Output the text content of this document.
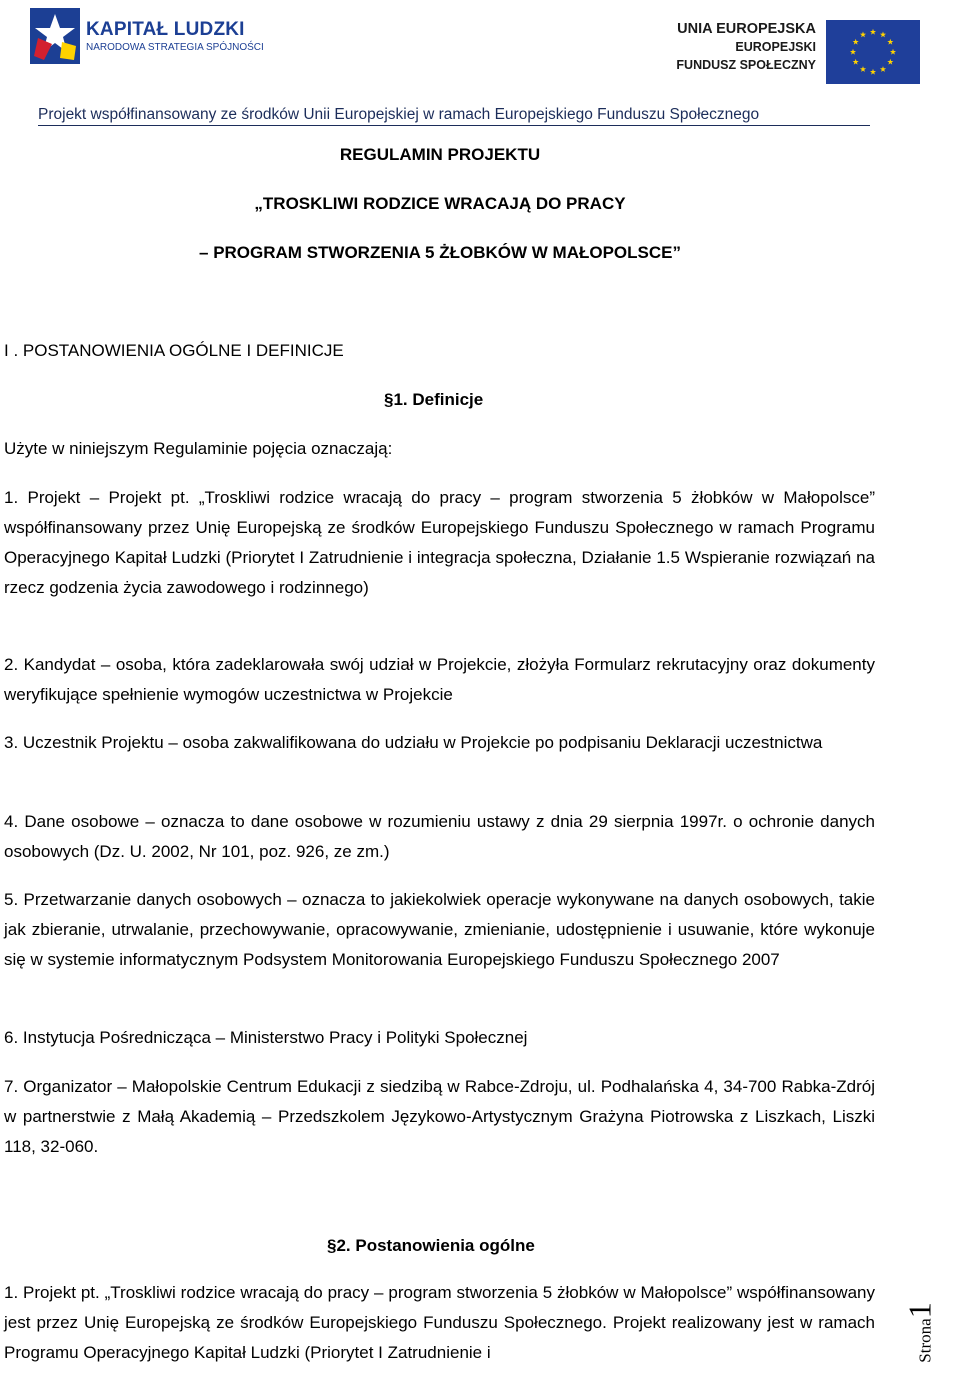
KAPITAŁ LUDZKI
NARODOWA STRATEGIA SPÓJNOŚCI
UNIA EUROPEJSKA
EUROPEJSKI
FUNDUSZ SPOŁECZNY
Projekt współfinansowany ze środków Unii Europejskiej w ramach Europejskiego Funduszu Społecznego
REGULAMIN PROJEKTU
„TROSKLIWI RODZICE WRACAJĄ DO PRACY
– PROGRAM STWORZENIA 5 ŻŁOBKÓW W MAŁOPOLSCE”
I . POSTANOWIENIA OGÓLNE I DEFINICJE
§1. Definicje
Użyte w niniejszym Regulaminie pojęcia oznaczają:
1. Projekt – Projekt pt. „Troskliwi rodzice wracają do pracy – program stworzenia 5 żłobków w Małopolsce” współfinansowany przez Unię Europejską ze środków Europejskiego Funduszu Społecznego w ramach Programu Operacyjnego Kapitał Ludzki (Priorytet I Zatrudnienie i integracja społeczna, Działanie 1.5 Wspieranie rozwiązań na rzecz godzenia życia zawodowego i rodzinnego)
2. Kandydat – osoba, która zadeklarowała swój udział w Projekcie, złożyła Formularz rekrutacyjny oraz dokumenty weryfikujące spełnienie wymogów uczestnictwa w Projekcie
3. Uczestnik Projektu – osoba zakwalifikowana do udziału w Projekcie po podpisaniu Deklaracji uczestnictwa
4. Dane osobowe – oznacza to dane osobowe w rozumieniu ustawy z dnia 29 sierpnia 1997r. o ochronie danych osobowych (Dz. U. 2002, Nr 101, poz. 926, ze zm.)
5. Przetwarzanie danych osobowych – oznacza to jakiekolwiek operacje wykonywane na danych osobowych, takie jak zbieranie, utrwalanie, przechowywanie, opracowywanie, zmienianie, udostępnienie i usuwanie, które wykonuje się w systemie informatycznym Podsystem Monitorowania Europejskiego Funduszu Społecznego 2007
6. Instytucja Pośrednicząca – Ministerstwo Pracy i Polityki Społecznej
7. Organizator – Małopolskie Centrum Edukacji z siedzibą w Rabce-Zdroju, ul. Podhalańska 4, 34-700 Rabka-Zdrój w partnerstwie z Małą Akademią – Przedszkolem Językowo-Artystycznym Grażyna Piotrowska z Liszkach, Liszki 118, 32-060.
§2. Postanowienia ogólne
1. Projekt pt. „Troskliwi rodzice wracają do pracy – program stworzenia 5 żłobków w Małopolsce” współfinansowany jest przez Unię Europejską ze środków Europejskiego Funduszu Społecznego. Projekt realizowany jest w ramach Programu Operacyjnego Kapitał Ludzki (Priorytet I Zatrudnienie i	Strona1
